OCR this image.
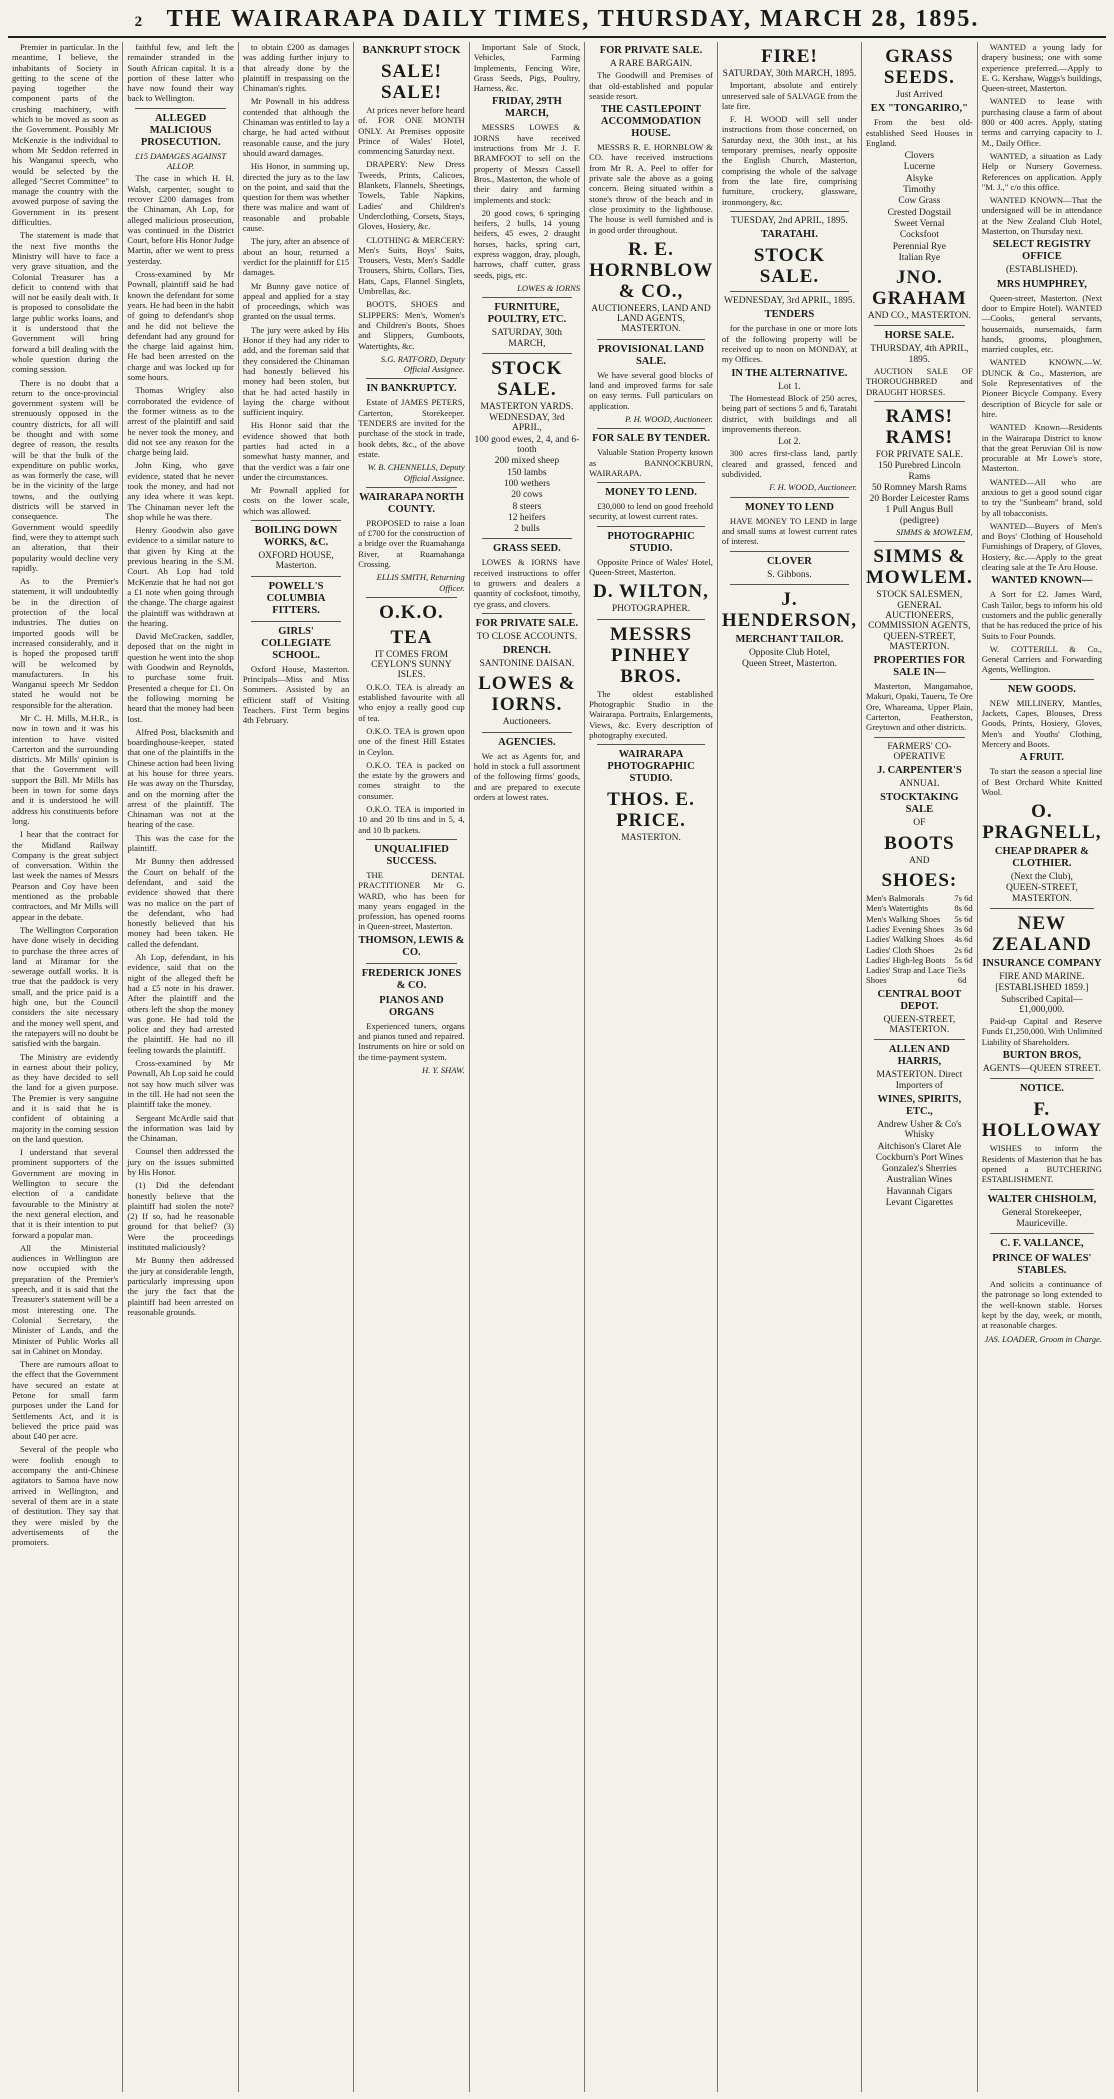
2 THE WAIRARAPA DAILY TIMES, THURSDAY, MARCH 28, 1895.

Premier in particular. In the meantime, I believe, the inhabitants of Society in getting to the scene of the paying together the component parts of the crushing machinery, with which to be moved as soon as the Government. Possibly Mr McKenzie is the individual to whom Mr Seddon referred in his Wanganui speech, who would be selected by the alleged "Secret Committee" to manage the country with the avowed purpose of saving the Government in its present difficulties.

The statement is made that the next five months the Ministry will have to face a very grave situation, and the Colonial Treasurer has a deficit to contend with that will not be easily dealt with. It is proposed to consolidate the large public works loans, and it is understood that the Government will bring forward a bill dealing with the whole question during the coming session.

There is no doubt that a return to the once-provincial government system will be strenuously opposed in the country districts, for all will be thought and with some degree of reason, the results will be that the bulk of the expenditure on public works, as was formerly the case, will be in the vicinity of the large towns, and the outlying districts will be starved in consequence. The Government would speedily find, were they to attempt such an alteration, that their popularity would decline very rapidly.

As to the Premier's statement, it will undoubtedly be in the direction of protection of the local industries. The duties on imported goods will be increased considerably, and it is hoped the proposed tariff will be welcomed by manufacturers. In his Wanganui speech Mr Seddon stated he would not be responsible for the alteration.

Mr C. H. Mills, M.H.R., is now in town and it was his intention to have visited Carterton and the surrounding districts. Mr Mills' opinion is that the Government will support the Bill. Mr Mills has been in town for some days and it is understood he will address his constituents before long.

I hear that the contract for the Midland Railway Company is the great subject of conversation. Within the last week the names of Messrs Pearson and Coy have been mentioned as the probable contractors, and Mr Mills will appear in the debate.

The Wellington Corporation have done wisely in deciding to purchase the three acres of land at Miramar for the sewerage outfall works. It is true that the paddock is very small, and the price paid is a high one, but the Council considers the site necessary and the money well spent, and the ratepayers will no doubt be satisfied with the bargain.

The Ministry are evidently in earnest about their policy, as they have decided to sell the land for a given purpose. The Premier is very sanguine and it is said that he is confident of obtaining a majority in the coming session on the land question.

I understand that several prominent supporters of the Government are moving in Wellington to secure the election of a candidate favourable to the Ministry at the next general election, and that it is their intention to put forward a popular man.

All the Ministerial audiences in Wellington are now occupied with the preparation of the Premier's speech, and it is said that the Treasurer's statement will be a most interesting one. The Colonial Secretary, the Minister of Lands, and the Minister of Public Works all sat in Cabinet on Monday.

There are rumours afloat to the effect that the Government have secured an estate at Petone for small farm purposes under the Land for Settlements Act, and it is believed the price paid was about £40 per acre.

Several of the people who were foolish enough to accompany the anti-Chinese agitators to Samoa have now arrived in Wellington, and several of them are in a state of destitution. They say that they were misled by the advertisements of the promoters.

faithful few, and left the remainder stranded in the South African capital. It is a portion of these latter who have now found their way back to Wellington.

ALLEGED MALICIOUS PROSECUTION.
£15 DAMAGES AGAINST ALLOP.

The case in which H. H. Walsh, carpenter, sought to recover £200 damages from the Chinaman, Ah Lop, for alleged malicious prosecution, was continued in the District Court, before His Honor Judge Martin, after we went to press yesterday.

Cross-examined by Mr Pownall, plaintiff said he had known the defendant for some years. He had been in the habit of going to defendant's shop and he did not believe the defendant had any ground for the charge laid against him. He had been arrested on the charge and was locked up for some hours.

Thomas Wrigley also corroborated the evidence of the former witness as to the arrest of the plaintiff and said he never took the money, and did not see any reason for the charge being laid.

John King, who gave evidence, stated that he never took the money, and had not any idea where it was kept. The Chinaman never left the shop while he was there.

Henry Goodwin also gave evidence to a similar nature to that given by King at the previous hearing in the S.M. Court. Ah Lop had told McKenzie that he had not got a £1 note when going through the change. The charge against the plaintiff was withdrawn at the hearing.

David McCracken, saddler, deposed that on the night in question he went into the shop with Goodwin and Reynolds, to purchase some fruit. Presented a cheque for £1. On the following morning he heard that the money had been lost.

Alfred Post, blacksmith and boardinghouse-keeper, stated that one of the plaintiffs in the Chinese action had been living at his house for three years. He was away on the Thursday, and on the morning after the arrest of the plaintiff. The Chinaman was not at the hearing of the case.

This was the case for the plaintiff.

Mr Bunny then addressed the Court on behalf of the defendant, and said the evidence showed that there was no malice on the part of the defendant, who had honestly believed that his money had been taken. He called the defendant.

Ah Lop, defendant, in his evidence, said that on the night of the alleged theft he had a £5 note in his drawer. After the plaintiff and the others left the shop the money was gone. He had told the police and they had arrested the plaintiff. He had no ill feeling towards the plaintiff.

Cross-examined by Mr Pownall, Ah Lop said he could not say how much silver was in the till. He had not seen the plaintiff take the money.

Sergeant McArdle said that the information was laid by the Chinaman.

Counsel then addressed the jury on the issues submitted by His Honor.

(1) Did the defendant honestly believe that the plaintiff had stolen the note? (2) If so, had he reasonable ground for that belief? (3) Were the proceedings instituted maliciously?

Mr Bunny then addressed the jury at considerable length, particularly impressing upon the jury the fact that the plaintiff had been arrested on reasonable grounds.

to obtain £200 as damages was adding further injury to that already done by the plaintiff in trespassing on the Chinaman's rights.

Mr Pownall in his address contended that although the Chinaman was entitled to lay a charge, he had acted without reasonable cause, and the jury should award damages.

His Honor, in summing up, directed the jury as to the law on the point, and said that the question for them was whether there was malice and want of reasonable and probable cause.

The jury, after an absence of about an hour, returned a verdict for the plaintiff for £15 damages.

Mr Bunny gave notice of appeal and applied for a stay of proceedings, which was granted on the usual terms.

The jury were asked by His Honor if they had any rider to add, and the foreman said that they considered the Chinaman had honestly believed his money had been stolen, but that he had acted hastily in laying the charge without sufficient inquiry.

His Honor said that the evidence showed that both parties had acted in a somewhat hasty manner, and that the verdict was a fair one under the circumstances.

Mr Pownall applied for costs on the lower scale, which was allowed.

BOILING DOWN WORKS, &C.
OXFORD HOUSE, Masterton.
POWELL'S COLUMBIA FITTERS.
GIRLS' COLLEGIATE SCHOOL.

Oxford House, Masterton. Principals—Miss and Miss Sommers. Assisted by an efficient staff of Visiting Teachers. First Term begins 4th February.

BANKRUPT STOCK
SALE! SALE!

At prices never before heard of. FOR ONE MONTH ONLY. At Premises opposite Prince of Wales' Hotel, commencing Saturday next.

DRAPERY: New Dress Tweeds, Prints, Calicoes, Blankets, Flannels, Sheetings, Towels, Table Napkins, Ladies' and Children's Underclothing, Corsets, Stays, Gloves, Hosiery, &c.

CLOTHING & MERCERY: Men's Suits, Boys' Suits, Trousers, Vests, Men's Saddle Trousers, Shirts, Collars, Ties, Hats, Caps, Flannel Singlets, Umbrellas, &c.

BOOTS, SHOES and SLIPPERS: Men's, Women's and Children's Boots, Shoes and Slippers, Gumboots, Watertights, &c.

S.G. RATFORD, Deputy Official Assignee.
IN BANKRUPTCY.

Estate of JAMES PETERS, Carterton, Storekeeper. TENDERS are invited for the purchase of the stock in trade, book debts, &c., of the above estate.

W. B. CHENNELLS, Deputy Official Assignee.
WAIRARAPA NORTH COUNTY.

PROPOSED to raise a loan of £700 for the construction of a bridge over the Ruamahanga River, at Ruamahanga Crossing.

ELLIS SMITH, Returning Officer.
O.K.O.
TEA
IT COMES FROM CEYLON'S SUNNY ISLES.

O.K.O. TEA is already an established favourite with all who enjoy a really good cup of tea.

O.K.O. TEA is grown upon one of the finest Hill Estates in Ceylon.

O.K.O. TEA is packed on the estate by the growers and comes straight to the consumer.

O.K.O. TEA is imported in 10 and 20 lb tins and in 5, 4, and 10 lb packets.

UNQUALIFIED SUCCESS.

THE DENTAL PRACTITIONER Mr G. WARD, who has been for many years engaged in the profession, has opened rooms in Queen-street, Masterton.

THOMSON, LEWIS & CO.
FREDERICK JONES & CO.
PIANOS AND ORGANS

Experienced tuners, organs and pianos tuned and repaired. Instruments on hire or sold on the time-payment system.

H. Y. SHAW.

Important Sale of Stock, Vehicles, Farming Implements, Fencing Wire, Grass Seeds, Pigs, Poultry, Harness, &c.

FRIDAY, 29TH MARCH,

MESSRS LOWES & IORNS have received instructions from Mr J. F. BRAMFOOT to sell on the property of Messrs Cassell Bros., Masterton, the whole of their dairy and farming implements and stock:

20 good cows, 6 springing heifers, 2 bulls, 14 young heifers, 45 ewes, 2 draught horses, hacks, spring cart, express waggon, dray, plough, harrows, chaff cutter, grass seeds, pigs, etc.

LOWES & IORNS
FURNITURE, POULTRY, ETC.
SATURDAY, 30th MARCH,
STOCK SALE.
MASTERTON YARDS.
WEDNESDAY, 3rd APRIL,
100 good ewes, 2, 4, and 6-tooth
200 mixed sheep
150 lambs
100 wethers
20 cows
8 steers
12 heifers
2 bulls
GRASS SEED.

LOWES & IORNS have received instructions to offer to growers and dealers a quantity of cocksfoot, timothy, rye grass, and clovers.

FOR PRIVATE SALE.
TO CLOSE ACCOUNTS.
DRENCH.
SANTONINE DAISAN.
LOWES & IORNS.
Auctioneers.
AGENCIES.

We act as Agents for, and hold in stock a full assortment of the following firms' goods, and are prepared to execute orders at lowest rates.

FOR PRIVATE SALE.
A RARE BARGAIN.

The Goodwill and Premises of that old-established and popular seaside resort.

THE CASTLEPOINT ACCOMMODATION HOUSE.

MESSRS R. E. HORNBLOW & CO. have received instructions from Mr R. A. Peel to offer for private sale the above as a going concern. Being situated within a stone's throw of the beach and in close proximity to the lighthouse. The house is well furnished and is in good order throughout.

R. E. HORNBLOW & CO.,
AUCTIONEERS, LAND AND LAND AGENTS, MASTERTON.
PROVISIONAL LAND SALE.

We have several good blocks of land and improved farms for sale on easy terms. Full particulars on application.

P. H. WOOD, Auctioneer.
FOR SALE BY TENDER.

Valuable Station Property known as BANNOCKBURN, WAIRARAPA.

MONEY TO LEND.

£30,000 to lend on good freehold security, at lowest current rates.

PHOTOGRAPHIC STUDIO.

Opposite Prince of Wales' Hotel, Queen-Street, Masterton.

D. WILTON,
PHOTOGRAPHER.
MESSRS PINHEY BROS.

The oldest established Photographic Studio in the Wairarapa. Portraits, Enlargements, Views, &c. Every description of photography executed.

WAIRARAPA PHOTOGRAPHIC STUDIO.
THOS. E. PRICE.
MASTERTON.
FIRE!
SATURDAY, 30th MARCH, 1895.

Important, absolute and entirely unreserved sale of SALVAGE from the late fire.

F. H. WOOD will sell under instructions from those concerned, on Saturday next, the 30th inst., at his temporary premises, nearly opposite the English Church, Masterton, comprising the whole of the salvage from the late fire, comprising furniture, crockery, glassware, ironmongery, &c.

TUESDAY, 2nd APRIL, 1895.
TARATAHI.
STOCK SALE.
WEDNESDAY, 3rd APRIL, 1895.
TENDERS

for the purchase in one or more lots of the following property will be received up to noon on MONDAY, at my Offices.

IN THE ALTERNATIVE.
Lot 1.

The Homestead Block of 250 acres, being part of sections 5 and 6, Taratahi district, with buildings and all improvements thereon.

Lot 2.

300 acres first-class land, partly cleared and grassed, fenced and subdivided.

F. H. WOOD, Auctioneer.
MONEY TO LEND

HAVE MONEY TO LEND in large and small sums at lowest current rates of interest.

CLOVER
S. Gibbons.
J. HENDERSON,
MERCHANT TAILOR.
Opposite Club Hotel,
Queen Street, Masterton.
GRASS SEEDS.
Just Arrived
EX "TONGARIRO,"

From the best old-established Seed Houses in England.

Clovers
Lucerne
Alsyke
Timothy
Cow Grass
Crested Dogstail
Sweet Vernal
Cocksfoot
Perennial Rye
Italian Rye
JNO. GRAHAM
AND CO., MASTERTON.
HORSE SALE.
THURSDAY, 4th APRIL, 1895.

AUCTION SALE OF THOROUGHBRED and DRAUGHT HORSES.

RAMS! RAMS!
FOR PRIVATE SALE.
150 Purebred Lincoln Rams
50 Romney Marsh Rams
20 Border Leicester Rams
1 Pull Angus Bull (pedigree)
SIMMS & MOWLEM,
SIMMS & MOWLEM.
STOCK SALESMEN, GENERAL AUCTIONEERS, COMMISSION AGENTS, QUEEN-STREET, MASTERTON.
PROPERTIES FOR SALE IN—

Masterton, Mangamahoe, Makuri, Opaki, Taueru, Te Ore Ore, Whareama, Upper Plain, Carterton, Featherston, Greytown and other districts.

FARMERS' CO-OPERATIVE
J. CARPENTER'S
ANNUAL
STOCKTAKING SALE
OF
BOOTS
AND
SHOES:
Men's Balmorals	7s 6d
Men's Watertights	8s 6d
Men's Walking Shoes 5s 6d
Ladies' Evening Shoes 3s 6d
Ladies' Walking Shoes 4s 6d
Ladies' Cloth Shoes 2s 6d
Ladies' High-leg Boots 5s 6d
Ladies' Strap and Lace Tie Shoes
3s 6d
CENTRAL BOOT DEPOT.
QUEEN-STREET, MASTERTON.
ALLEN AND HARRIS,
MASTERTON. Direct Importers of
WINES, SPIRITS, ETC.,
Andrew Usher & Co's Whisky
Aitchison's Claret Ale
Cockburn's Port Wines
Gonzalez's Sherries
Australian Wines
Havannah Cigars
Levant Cigarettes

WANTED a young lady for drapery business; one with some experience preferred.—Apply to E. G. Kershaw, Waggs's buildings, Queen-street, Masterton.

WANTED to lease with purchasing clause a farm of about 800 or 400 acres. Apply, stating terms and carrying capacity to J. M., Daily Office.

WANTED, a situation as Lady Help or Nursery Governess. References on application. Apply "M. J.," c/o this office.

WANTED KNOWN—That the undersigned will be in attendance at the New Zealand Club Hotel, Masterton, on Thursday next.

SELECT REGISTRY OFFICE
(ESTABLISHED).
MRS HUMPHREY,

Queen-street, Masterton. (Next door to Empire Hotel). WANTED—Cooks, general servants, housemaids, nursemaids, farm hands, grooms, ploughmen, married couples, etc.

WANTED KNOWN.—W. DUNCK & Co., Masterton, are Sole Representatives of the Pioneer Bicycle Company. Every description of Bicycle for sale or hire.

WANTED Known—Residents in the Wairarapa District to know that the great Peruvian Oil is now procurable at Mr Lowe's store, Masterton.

WANTED—All who are anxious to get a good sound cigar to try the "Sunbeam" brand, sold by all tobacconists.

WANTED—Buyers of Men's and Boys' Clothing of Household Furnishings of Drapery, of Gloves, Hosiery, &c.—Apply to the great clearing sale at the Te Aro House.

WANTED KNOWN—

A Sort for £2. James Ward, Cash Tailor, begs to inform his old customers and the public generally that he has reduced the price of his Suits to Four Pounds.

W. COTTERILL & Co., General Carriers and Forwarding Agents, Wellington.

NEW GOODS.

NEW MILLINERY, Mantles, Jackets, Capes, Blouses, Dress Goods, Prints, Hosiery, Gloves, Men's and Youths' Clothing, Mercery and Boots.

A FRUIT.

To start the season a special line of Best Orchard White Knitted Wool.

O. PRAGNELL,
CHEAP DRAPER & CLOTHIER.
(Next the Club),
QUEEN-STREET, MASTERTON.
NEW ZEALAND
INSURANCE COMPANY
FIRE AND MARINE.
[ESTABLISHED 1859.]
Subscribed Capital—£1,000,000.

Paid-up Capital and Reserve Funds £1,250,000. With Unlimited Liability of Shareholders.

BURTON BROS,
AGENTS—QUEEN STREET.
NOTICE.
F. HOLLOWAY

WISHES to inform the Residents of Masterton that he has opened a BUTCHERING ESTABLISHMENT.

WALTER CHISHOLM,
General Storekeeper,
Mauriceville.
C. F. VALLANCE,
PRINCE OF WALES' STABLES.

And solicits a continuance of the patronage so long extended to the well-known stable. Horses kept by the day, week, or month, at reasonable charges.

JAS. LOADER, Groom in Charge.
